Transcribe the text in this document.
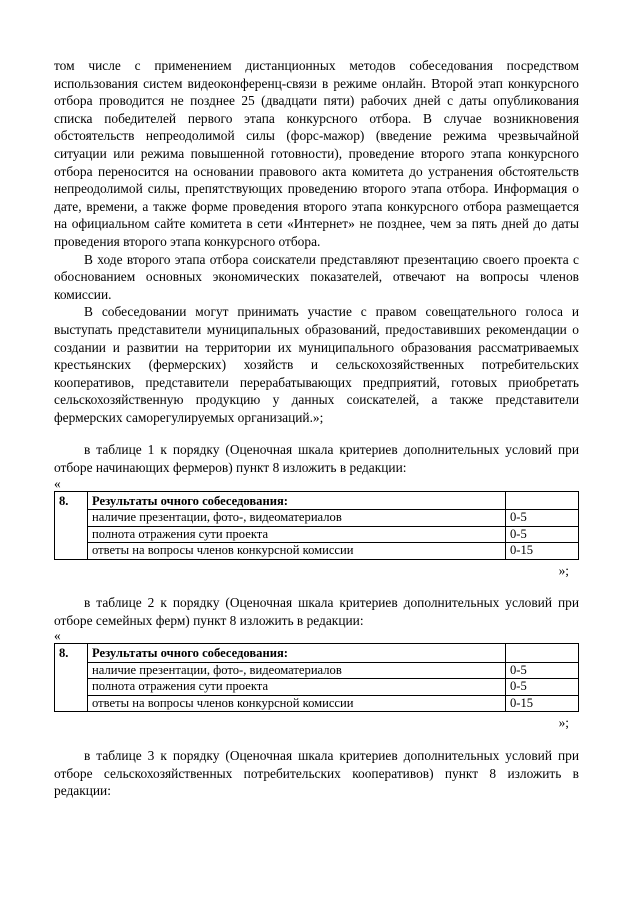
том числе с применением дистанционных методов собеседования посредством использования систем видеоконференц-связи в режиме онлайн. Второй этап конкурсного отбора проводится не позднее 25 (двадцати пяти) рабочих дней с даты опубликования списка победителей первого этапа конкурсного отбора. В случае возникновения обстоятельств непреодолимой силы (форс-мажор) (введение режима чрезвычайной ситуации или режима повышенной готовности), проведение второго этапа конкурсного отбора переносится на основании правового акта комитета до устранения обстоятельств непреодолимой силы, препятствующих проведению второго этапа отбора. Информация о дате, времени, а также форме проведения второго этапа конкурсного отбора размещается на официальном сайте комитета в сети «Интернет» не позднее, чем за пять дней до даты проведения второго этапа конкурсного отбора.

В ходе второго этапа отбора соискатели представляют презентацию своего проекта с обоснованием основных экономических показателей, отвечают на вопросы членов комиссии.

В собеседовании могут принимать участие с правом совещательного голоса и выступать представители муниципальных образований, предоставивших рекомендации о создании и развитии на территории их муниципального образования рассматриваемых крестьянских (фермерских) хозяйств и сельскохозяйственных потребительских кооперативов, представители перерабатывающих предприятий, готовых приобретать сельскохозяйственную продукцию у данных соискателей, а также представители фермерских саморегулируемых организаций.»;

в таблице 1 к порядку (Оценочная шкала критериев дополнительных условий при отборе начинающих фермеров) пункт 8 изложить в редакции:

«

8.	Результаты очного собеседования:	
	наличие презентации, фото-, видеоматериалов	0-5
	полнота отражения сути проекта	0-5
	ответы на вопросы членов конкурсной комиссии	0-15

»;

в таблице 2 к порядку (Оценочная шкала критериев дополнительных условий при отборе семейных ферм) пункт 8 изложить в редакции:

«

8.	Результаты очного собеседования:	
	наличие презентации, фото-, видеоматериалов	0-5
	полнота отражения сути проекта	0-5
	ответы на вопросы членов конкурсной комиссии	0-15

»;

в таблице 3 к порядку (Оценочная шкала критериев дополнительных условий при отборе сельскохозяйственных потребительских кооперативов) пункт 8 изложить в редакции:
